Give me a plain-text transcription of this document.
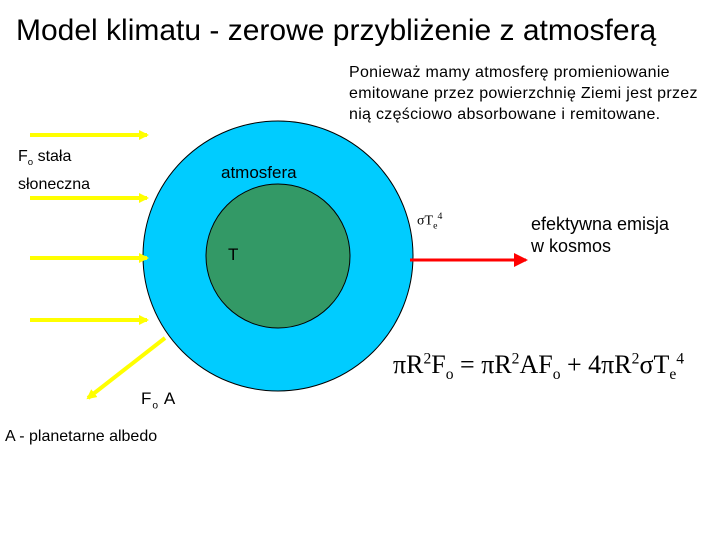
Model klimatu - zerowe przybliżenie z atmosferą
Ponieważ mamy atmosferę promieniowanie emitowane przez powierzchnię Ziemi jest przez nią częściowo absorbowane i remitowane.
$F_o$ stała
słoneczna
atmosfera
T
$\sigma T_e^4$	efektywna emisja
w kosmos
$F_o$ A
A - planetarne albedo
$\pi R^2F_o = \pi R^2AF_o + 4\pi R^2\sigma T_e^4$
